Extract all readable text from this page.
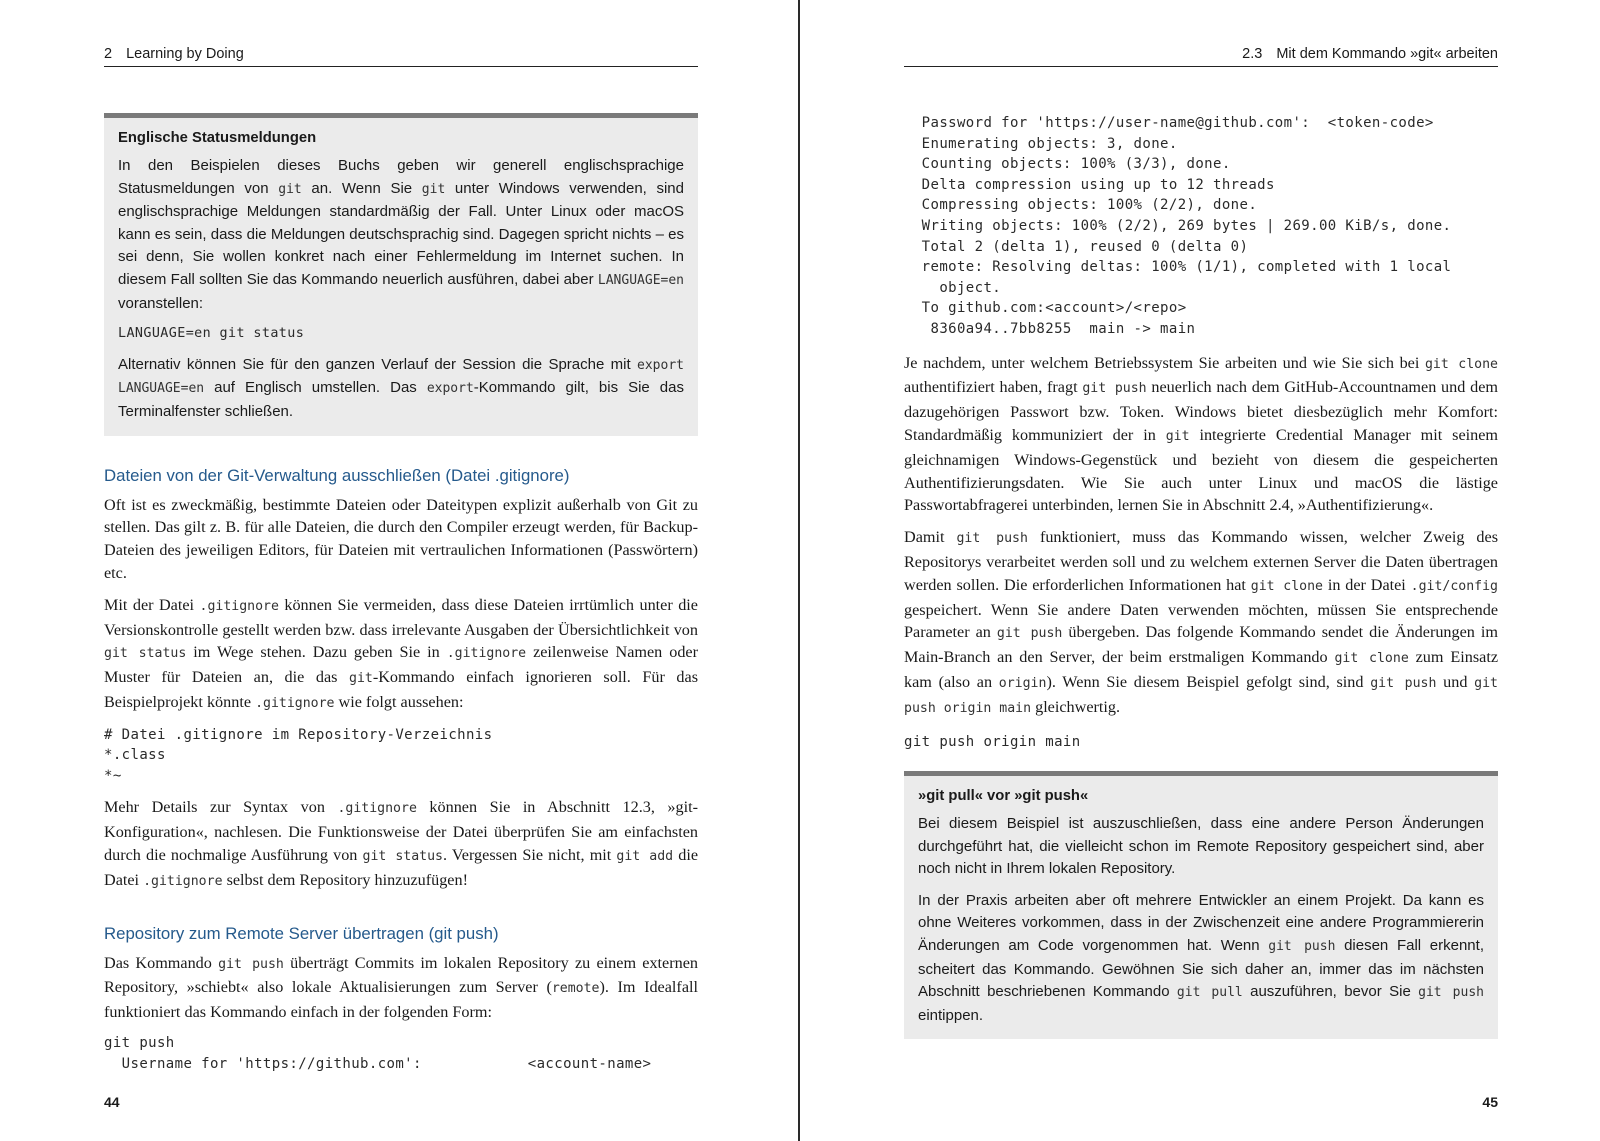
2 Learning by Doing
Englische Statusmeldungen

In den Beispielen dieses Buchs geben wir generell englischsprachige Statusmeldungen von git an. Wenn Sie git unter Windows verwenden, sind englischsprachige Meldungen standardmäßig der Fall. Unter Linux oder macOS kann es sein, dass die Meldungen deutschsprachig sind. Dagegen spricht nichts – es sei denn, Sie wollen konkret nach einer Fehlermeldung im Internet suchen. In diesem Fall sollten Sie das Kommando neuerlich ausführen, dabei aber LANGUAGE=en voranstellen:

LANGUAGE=en git status

Alternativ können Sie für den ganzen Verlauf der Session die Sprache mit export LANGUAGE=en auf Englisch umstellen. Das export-Kommando gilt, bis Sie das Terminalfenster schließen.

Dateien von der Git-Verwaltung ausschließen (Datei .gitignore)

Oft ist es zweckmäßig, bestimmte Dateien oder Dateitypen explizit außerhalb von Git zu stellen. Das gilt z. B. für alle Dateien, die durch den Compiler erzeugt werden, für Backup-Dateien des jeweiligen Editors, für Dateien mit vertraulichen Informationen (Passwörtern) etc.

Mit der Datei .gitignore können Sie vermeiden, dass diese Dateien irrtümlich unter die Versionskontrolle gestellt werden bzw. dass irrelevante Ausgaben der Übersichtlichkeit von git status im Wege stehen. Dazu geben Sie in .gitignore zeilenweise Namen oder Muster für Dateien an, die das git-Kommando einfach ignorieren soll. Für das Beispielprojekt könnte .gitignore wie folgt aussehen:

# Datei .gitignore im Repository-Verzeichnis
*.class
*~

Mehr Details zur Syntax von .gitignore können Sie in Abschnitt 12.3, »git-Konfiguration«, nachlesen. Die Funktionsweise der Datei überprüfen Sie am einfachsten durch die nochmalige Ausführung von git status. Vergessen Sie nicht, mit git add die Datei .gitignore selbst dem Repository hinzuzufügen!

Repository zum Remote Server übertragen (git push)

Das Kommando git push überträgt Commits im lokalen Repository zu einem externen Repository, »schiebt« also lokale Aktualisierungen zum Server (remote). Im Idealfall funktioniert das Kommando einfach in der folgenden Form:

git push
Username for 'https://github.com':            <account-name>
44
2.3 Mit dem Kommando »git« arbeiten
Password for 'https://user-name@github.com':  <token-code>
Enumerating objects: 3, done.
Counting objects: 100% (3/3), done.
Delta compression using up to 12 threads
Compressing objects: 100% (2/2), done.
Writing objects: 100% (2/2), 269 bytes | 269.00 KiB/s, done.
Total 2 (delta 1), reused 0 (delta 0)
remote: Resolving deltas: 100% (1/1), completed with 1 local
object.
To github.com:<account>/<repo>
8360a94..7bb8255  main -> main

Je nachdem, unter welchem Betriebssystem Sie arbeiten und wie Sie sich bei git clone authentifiziert haben, fragt git push neuerlich nach dem GitHub-Accountnamen und dem dazugehörigen Passwort bzw. Token. Windows bietet diesbezüglich mehr Komfort: Standardmäßig kommuniziert der in git integrierte Credential Manager mit seinem gleichnamigen Windows-Gegenstück und bezieht von diesem die gespeicherten Authentifizierungsdaten. Wie Sie auch unter Linux und macOS die lästige Passwortabfragerei unterbinden, lernen Sie in Abschnitt 2.4, »Authentifizierung«.

Damit git push funktioniert, muss das Kommando wissen, welcher Zweig des Repositorys verarbeitet werden soll und zu welchem externen Server die Daten übertragen werden sollen. Die erforderlichen Informationen hat git clone in der Datei .git/config gespeichert. Wenn Sie andere Daten verwenden möchten, müssen Sie entsprechende Parameter an git push übergeben. Das folgende Kommando sendet die Änderungen im Main-Branch an den Server, der beim erstmaligen Kommando git clone zum Einsatz kam (also an origin). Wenn Sie diesem Beispiel gefolgt sind, sind git push und git push origin main gleichwertig.

git push origin main
»git pull« vor »git push«

Bei diesem Beispiel ist auszuschließen, dass eine andere Person Änderungen durchgeführt hat, die vielleicht schon im Remote Repository gespeichert sind, aber noch nicht in Ihrem lokalen Repository.

In der Praxis arbeiten aber oft mehrere Entwickler an einem Projekt. Da kann es ohne Weiteres vorkommen, dass in der Zwischenzeit eine andere Programmiererin Änderungen am Code vorgenommen hat. Wenn git push diesen Fall erkennt, scheitert das Kommando. Gewöhnen Sie sich daher an, immer das im nächsten Abschnitt beschriebenen Kommando git pull auszuführen, bevor Sie git push eintippen.

45
